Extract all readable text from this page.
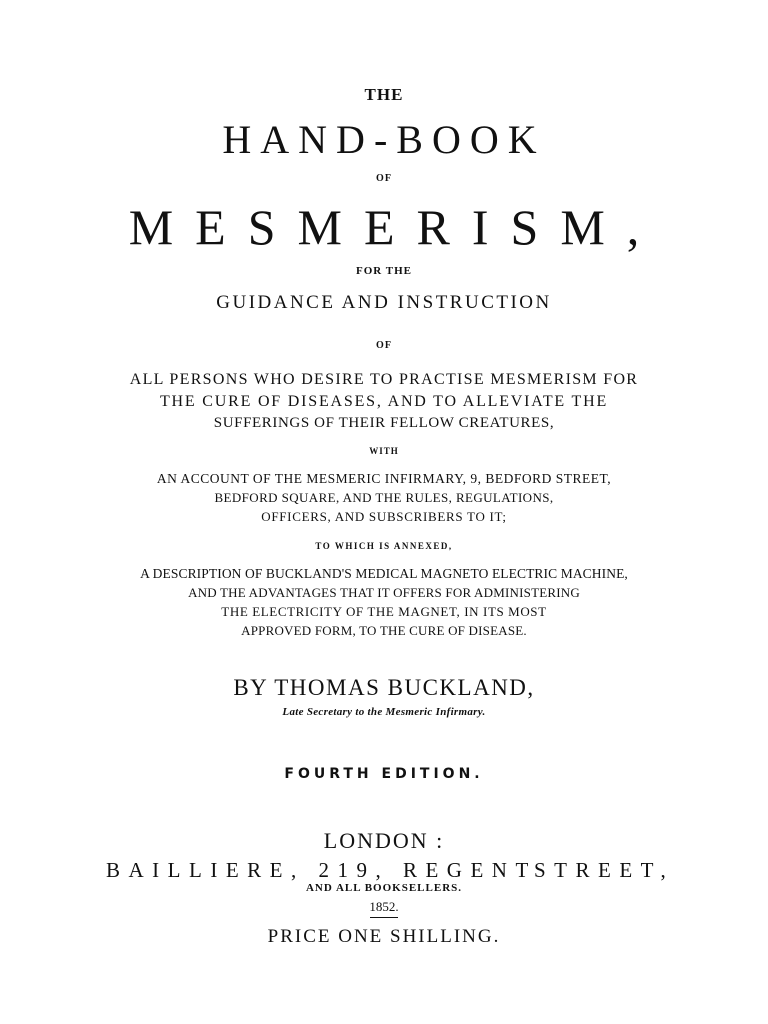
THE
HAND-BOOK
OF
MESMERISM,
FOR THE
GUIDANCE AND INSTRUCTION
OF
ALL PERSONS WHO DESIRE TO PRACTISE MESMERISM FOR
THE CURE OF DISEASES, AND TO ALLEVIATE THE
SUFFERINGS OF THEIR FELLOW CREATURES,
WITH
AN ACCOUNT OF THE MESMERIC INFIRMARY, 9, BEDFORD STREET,
BEDFORD SQUARE, AND THE RULES, REGULATIONS,
OFFICERS, AND SUBSCRIBERS TO IT;
TO WHICH IS ANNEXED,
A DESCRIPTION OF BUCKLAND'S MEDICAL MAGNETO ELECTRIC MACHINE,
AND THE ADVANTAGES THAT IT OFFERS FOR ADMINISTERING
THE ELECTRICITY OF THE MAGNET, IN ITS MOST
APPROVED FORM, TO THE CURE OF DISEASE.
BY THOMAS BUCKLAND,
Late Secretary to the Mesmeric Infirmary.
FOURTH EDITION.
LONDON :
BAILLIERE, 219, REGENT
STREET,
AND ALL BOOKSELLERS.
1852.
PRICE ONE SHILLING.
